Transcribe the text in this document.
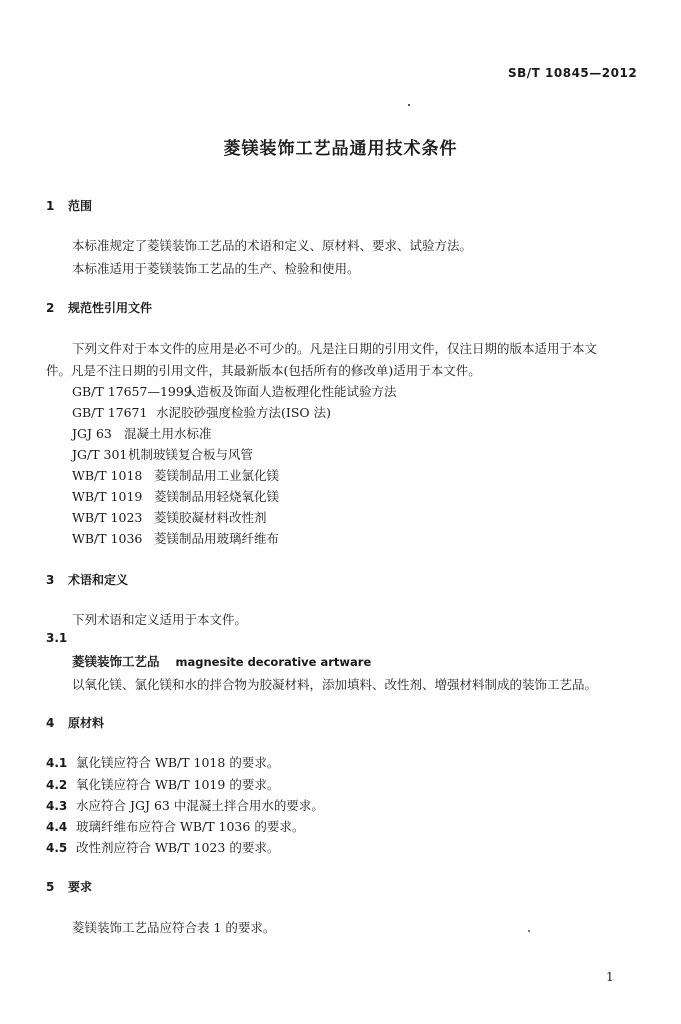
SB/T 10845—2012
菱镁装饰工艺品通用技术条件
1 范围
本标准规定了菱镁装饰工艺品的术语和定义、原材料、要求、试验方法。
本标准适用于菱镁装饰工艺品的生产、检验和使用。
2 规范性引用文件
下列文件对于本文件的应用是必不可少的。凡是注日期的引用文件，仅注日期的版本适用于本文
件。凡是不注日期的引用文件，其最新版本(包括所有的修改单)适用于本文件。
GB/T 17657—1999人造板及饰面人造板理化性能试验方法
GB/T 17671 水泥胶砂强度检验方法(ISO 法)
JGJ 63 混凝土用水标准
JG/T 301机制玻镁复合板与风管
WB/T 1018 菱镁制品用工业氯化镁
WB/T 1019 菱镁制品用轻烧氧化镁
WB/T 1023 菱镁胶凝材料改性剂
WB/T 1036 菱镁制品用玻璃纤维布
3 术语和定义
下列术语和定义适用于本文件。
3.1
菱镁装饰工艺品 magnesite decorative artware
以氧化镁、氯化镁和水的拌合物为胶凝材料，添加填料、改性剂、增强材料制成的装饰工艺品。
4 原材料
4.1 氯化镁应符合 WB/T 1018 的要求。
4.2 氧化镁应符合 WB/T 1019 的要求。
4.3 水应符合 JGJ 63 中混凝土拌合用水的要求。
4.4 玻璃纤维布应符合 WB/T 1036 的要求。
4.5 改性剂应符合 WB/T 1023 的要求。
5 要求
菱镁装饰工艺品应符合表 1 的要求。
1
